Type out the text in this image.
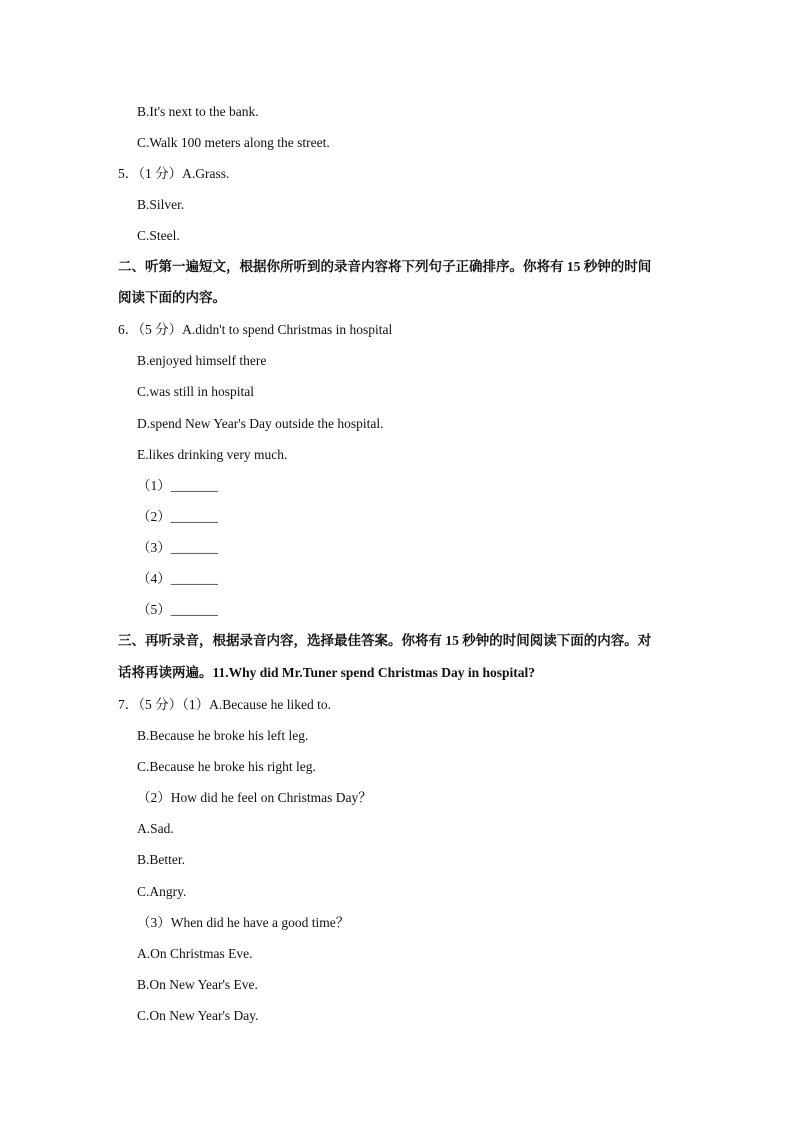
B.It's next to the bank.
C.Walk 100 meters along the street.
5．（1 分）A.Grass.
B.Silver.
C.Steel.
二、听第一遍短文，根据你所听到的录音内容将下列句子正确排序。你将有 15 秒钟的时间
阅读下面的内容。
6．（5 分）A.didn't to spend Christmas in hospital
B.enjoyed himself there
C.was still in hospital
D.spend New Year's Day outside the hospital.
E.likes drinking very much.
（1）_______
（2）_______
（3）_______
（4）_______
（5）_______
三、再听录音，根据录音内容，选择最佳答案。你将有 15 秒钟的时间阅读下面的内容。对
话将再读两遍。11.Why did Mr.Tuner spend Christmas Day in hospital?
7．（5 分）（1）A.Because he liked to.
B.Because he broke his left leg.
C.Because he broke his right leg.
（2）How did he feel on Christmas Day？
A.Sad.
B.Better.
C.Angry.
（3）When did he have a good time？
A.On Christmas Eve.
B.On New Year's Eve.
C.On New Year's Day.
